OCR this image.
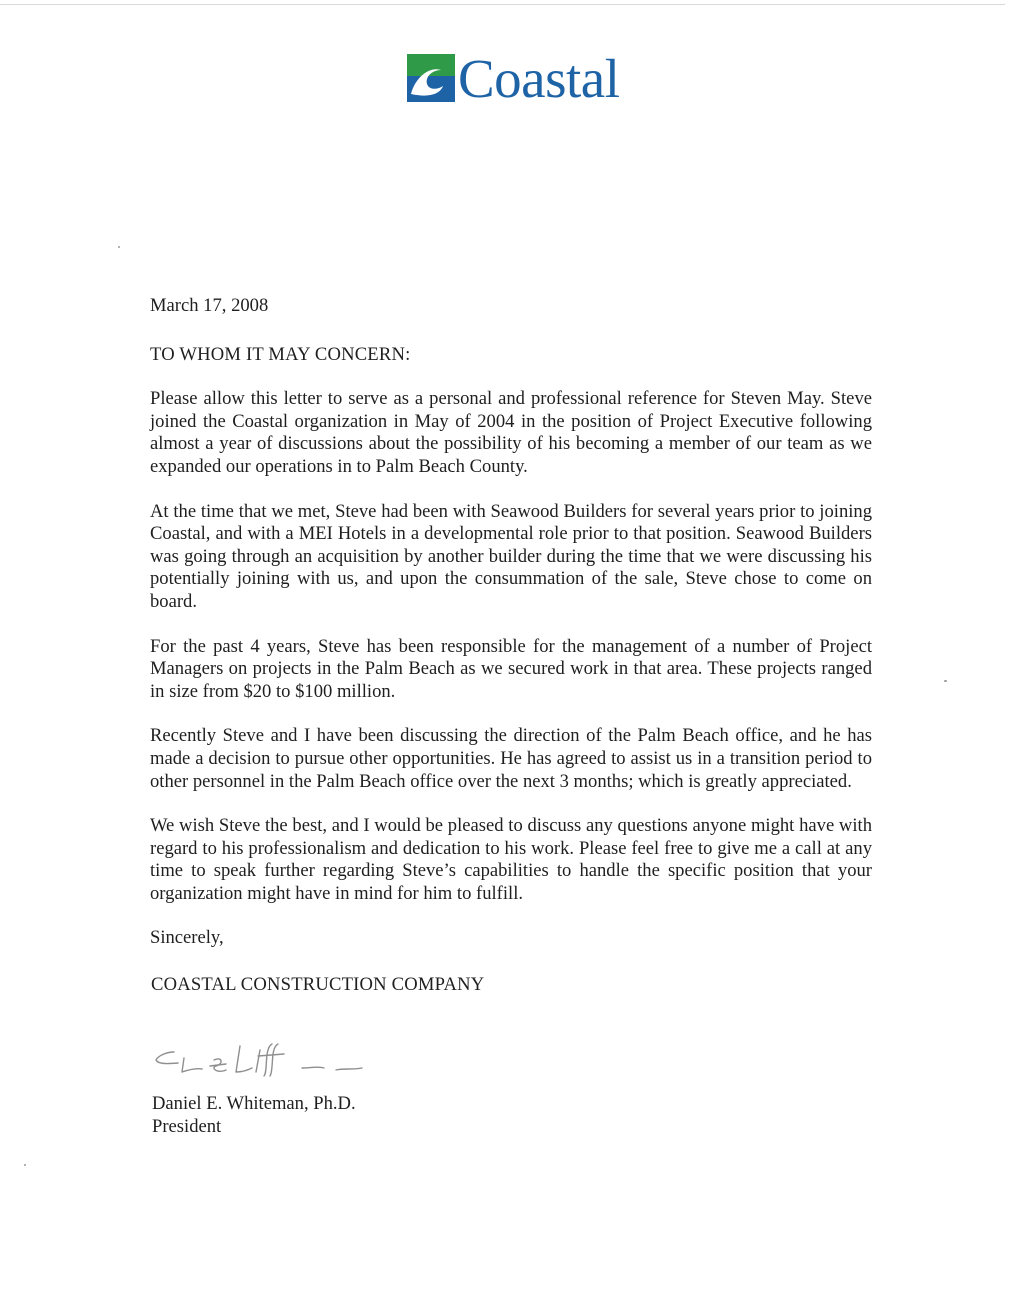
Coastal

March 17, 2008

TO WHOM IT MAY CONCERN:

Please allow this letter to serve as a personal and professional reference for Steven May. Steve joined the Coastal organization in May of 2004 in the position of Project Executive following almost a year of discussions about the possibility of his becoming a member of our team as we expanded our operations in to Palm Beach County.

At the time that we met, Steve had been with Seawood Builders for several years prior to joining Coastal, and with a MEI Hotels in a developmental role prior to that position. Seawood Builders was going through an acquisition by another builder during the time that we were discussing his potentially joining with us, and upon the consummation of the sale, Steve chose to come on board.

For the past 4 years, Steve has been responsible for the management of a number of Project Managers on projects in the Palm Beach as we secured work in that area. These projects ranged in size from $20 to $100 million.

Recently Steve and I have been discussing the direction of the Palm Beach office, and he has made a decision to pursue other opportunities. He has agreed to assist us in a transition period to other personnel in the Palm Beach office over the next 3 months; which is greatly appreciated.

We wish Steve the best, and I would be pleased to discuss any questions anyone might have with regard to his professionalism and dedication to his work. Please feel free to give me a call at any time to speak further regarding Steve’s capabilities to handle the specific position that your organization might have in mind for him to fulfill.

Sincerely,

COASTAL CONSTRUCTION COMPANY

Daniel E. Whiteman, Ph.D.
President
